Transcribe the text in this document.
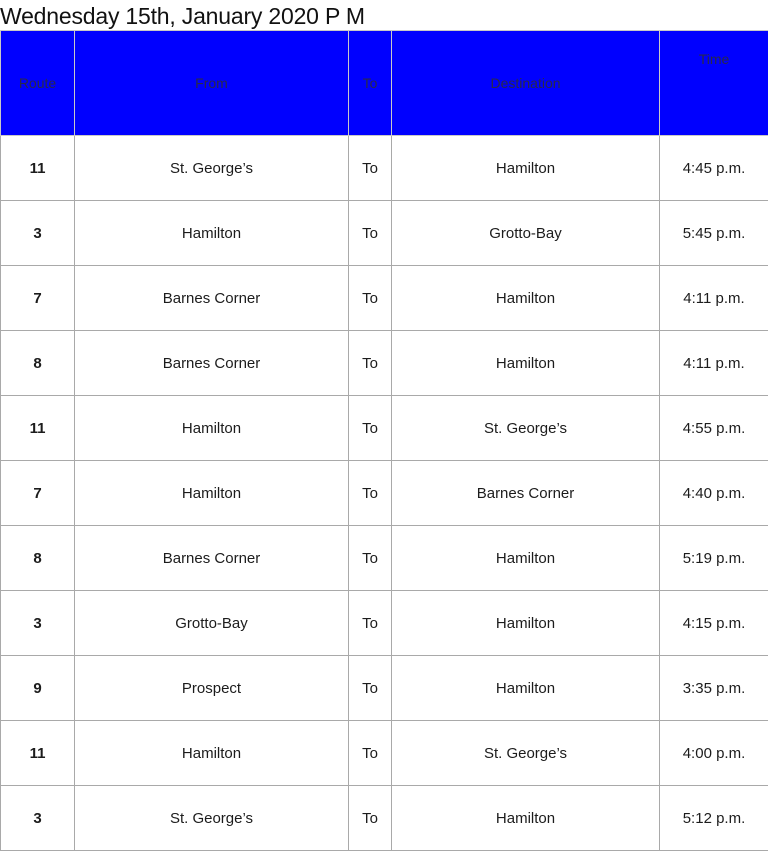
Wednesday 15th, January 2020 P M
Route	From	To	Destination	Time
11	St. George’s	To	Hamilton	4:45 p.m.
3	Hamilton	To	Grotto-Bay	5:45 p.m.
7	Barnes Corner	To	Hamilton	4:11 p.m.
8	Barnes Corner	To	Hamilton	4:11 p.m.
11	Hamilton	To	St. George’s	4:55 p.m.
7	Hamilton	To	Barnes Corner	4:40 p.m.
8	Barnes Corner	To	Hamilton	5:19 p.m.
3	Grotto-Bay	To	Hamilton	4:15 p.m.
9	Prospect	To	Hamilton	3:35 p.m.
11	Hamilton	To	St. George’s	4:00 p.m.
3	St. George’s	To	Hamilton	5:12 p.m.
